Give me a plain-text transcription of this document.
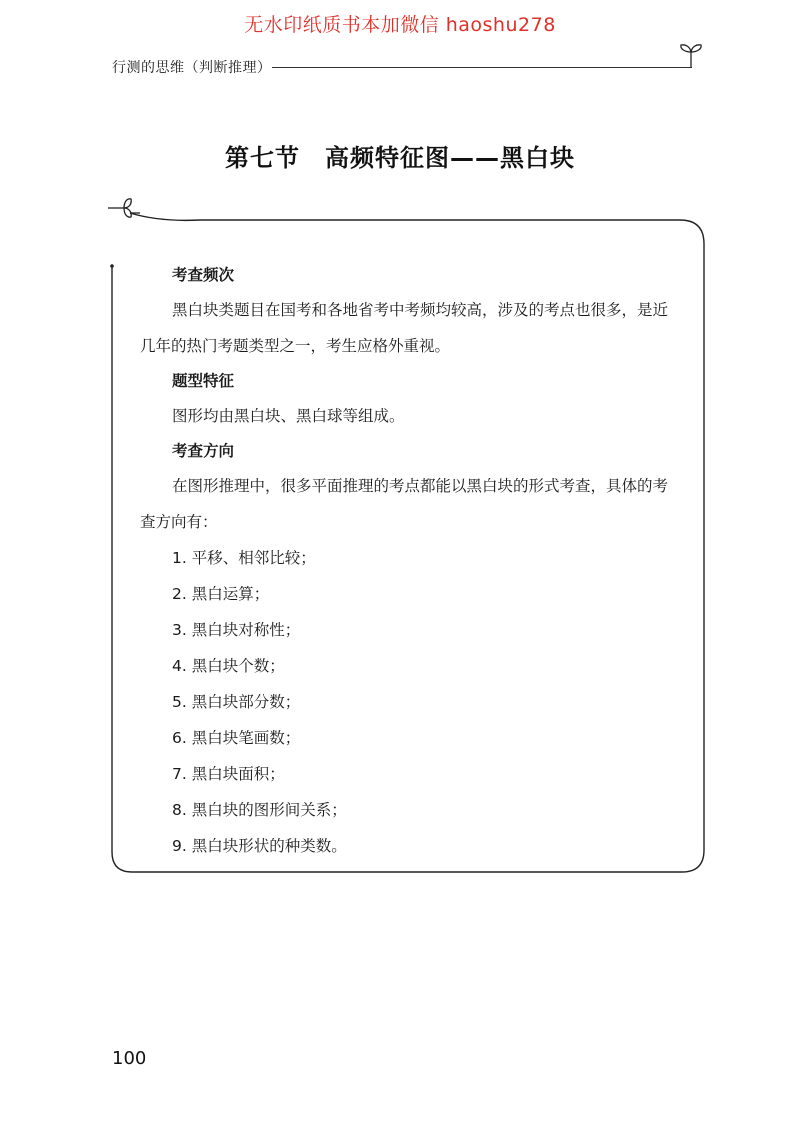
无水印纸质书本加微信 haoshu278
行测的思维（判断推理）
第七节　高频特征图——黑白块

考查频次

黑白块类题目在国考和各地省考中考频均较高，涉及的考点也很多，是近几年的热门考题类型之一，考生应格外重视。

题型特征

图形均由黑白块、黑白球等组成。

考查方向

在图形推理中，很多平面推理的考点都能以黑白块的形式考查，具体的考查方向有：

1. 平移、相邻比较；
2. 黑白运算；
3. 黑白块对称性；
4. 黑白块个数；
5. 黑白块部分数；
6. 黑白块笔画数；
7. 黑白块面积；
8. 黑白块的图形间关系；
9. 黑白块形状的种类数。
100
